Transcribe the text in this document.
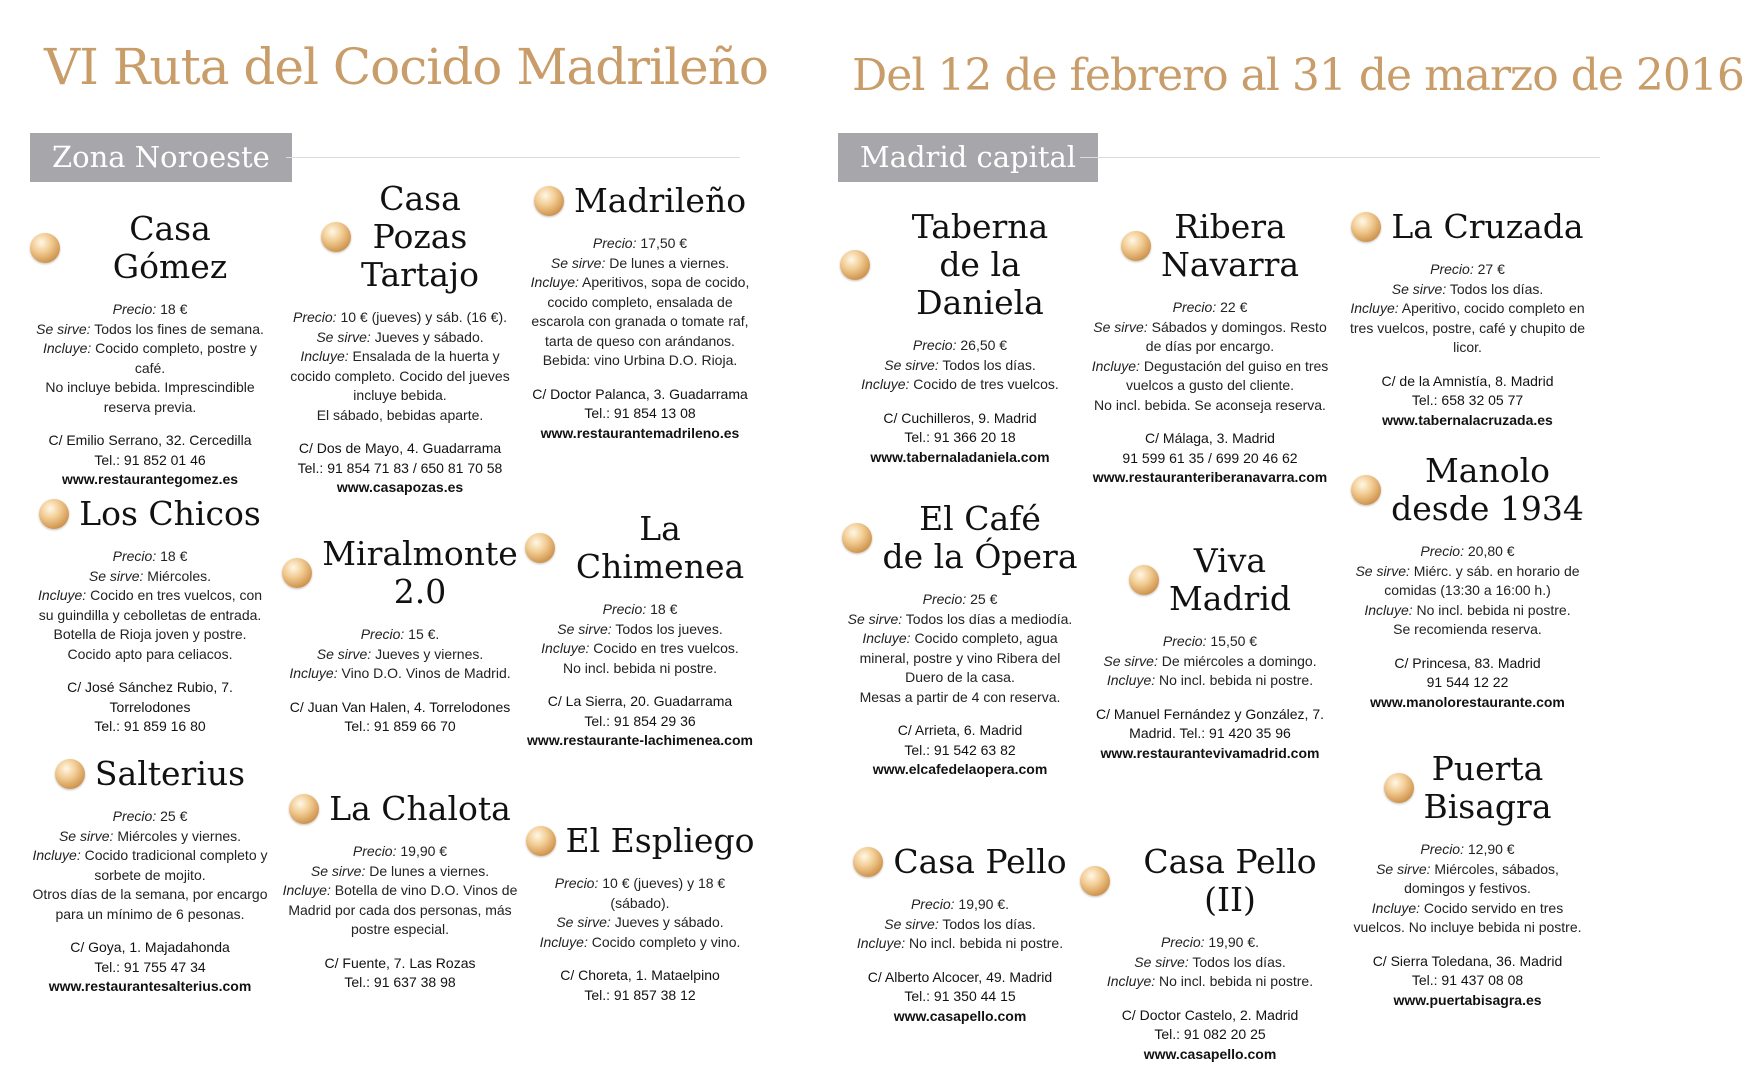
VI Ruta del Cocido Madrileño Del 12 de febrero al 31 de marzo de 2016
Zona Noroeste	Madrid capital
Casa Gómez
Precio: 18 €
Se sirve: Todos los fines de semana.
Incluye: Cocido completo, postre y café.
No incluye bebida. Imprescindible reserva previa.
C/ Emilio Serrano, 32. Cercedilla
Tel.: 91 852 01 46
www.restaurantegomez.es
Casa
Pozas
Tartajo
Precio: 10 € (jueves) y sáb. (16 €).
Se sirve: Jueves y sábado.
Incluye: Ensalada de la huerta y cocido completo. Cocido del jueves incluye bebida.
El sábado, bebidas aparte.
C/ Dos de Mayo, 4. Guadarrama
Tel.: 91 854 71 83 / 650 81 70 58
www.casapozas.es
Madrileño
Precio: 17,50 €
Se sirve: De lunes a viernes.
Incluye: Aperitivos, sopa de cocido, cocido completo, ensalada de escarola con granada o tomate raf, tarta de queso con arándanos.
Bebida: vino Urbina D.O. Rioja.
C/ Doctor Palanca, 3. Guadarrama
Tel.: 91 854 13 08
www.restaurantemadrileno.es
Los Chicos
Precio: 18 €
Se sirve: Miércoles.
Incluye: Cocido en tres vuelcos, con su guindilla y cebolletas de entrada.
Botella de Rioja joven y postre. Cocido apto para celiacos.
C/ José Sánchez Rubio, 7. Torrelodones
Tel.: 91 859 16 80
Miralmonte
2.0
Precio: 15 €.
Se sirve: Jueves y viernes.
Incluye: Vino D.O. Vinos de Madrid.
C/ Juan Van Halen, 4. Torrelodones
Tel.: 91 859 66 70
La Chimenea
Precio: 18 €
Se sirve: Todos los jueves.
Incluye: Cocido en tres vuelcos.
No incl. bebida ni postre.
C/ La Sierra, 20. Guadarrama
Tel.: 91 854 29 36
www.restaurante-lachimenea.com
Salterius
Precio: 25 €
Se sirve: Miércoles y viernes.
Incluye: Cocido tradicional completo y sorbete de mojito.
Otros días de la semana, por encargo para un mínimo de 6 pesonas.
C/ Goya, 1. Majadahonda
Tel.: 91 755 47 34
www.restaurantesalterius.com
La Chalota
Precio: 19,90 €
Se sirve: De lunes a viernes.
Incluye: Botella de vino D.O. Vinos de Madrid por cada dos personas, más postre especial.
C/ Fuente, 7. Las Rozas
Tel.: 91 637 38 98
El Espliego
Precio: 10 € (jueves) y 18 € (sábado).
Se sirve: Jueves y sábado.
Incluye: Cocido completo y vino.
C/ Choreta, 1. Mataelpino
Tel.: 91 857 38 12
Taberna
de la Daniela
Precio: 26,50 €
Se sirve: Todos los días.
Incluye: Cocido de tres vuelcos.
C/ Cuchilleros, 9. Madrid
Tel.: 91 366 20 18
www.tabernaladaniela.com
Ribera
Navarra
Precio: 22 €
Se sirve: Sábados y domingos. Resto de días por encargo.
Incluye: Degustación del guiso en tres vuelcos a gusto del cliente.
No incl. bebida. Se aconseja reserva.
C/ Málaga, 3. Madrid
91 599 61 35 / 699 20 46 62
www.restauranteriberanavarra.com
La Cruzada
Precio: 27 €
Se sirve: Todos los días.
Incluye: Aperitivo, cocido completo en tres vuelcos, postre, café y chupito de licor.
C/ de la Amnistía, 8. Madrid
Tel.: 658 32 05 77
www.tabernalacruzada.es
El Café
de la Ópera
Precio: 25 €
Se sirve: Todos los días a mediodía.
Incluye: Cocido completo, agua mineral, postre y vino Ribera del Duero de la casa.
Mesas a partir de 4 con reserva.
C/ Arrieta, 6. Madrid
Tel.: 91 542 63 82
www.elcafedelaopera.com
Viva
Madrid
Precio: 15,50 €
Se sirve: De miércoles a domingo.
Incluye: No incl. bebida ni postre.
C/ Manuel Fernández y González, 7. Madrid. Tel.: 91 420 35 96
www.restaurantevivamadrid.com
Manolo
desde 1934
Precio: 20,80 €
Se sirve: Miérc. y sáb. en horario de comidas (13:30 a 16:00 h.)
Incluye: No incl. bebida ni postre.
Se recomienda reserva.
C/ Princesa, 83. Madrid
91 544 12 22
www.manolorestaurante.com
Casa Pello
Precio: 19,90 €.
Se sirve: Todos los días.
Incluye: No incl. bebida ni postre.
C/ Alberto Alcocer, 49. Madrid
Tel.: 91 350 44 15
www.casapello.com
Casa Pello (II)
Precio: 19,90 €.
Se sirve: Todos los días.
Incluye: No incl. bebida ni postre.
C/ Doctor Castelo, 2. Madrid
Tel.: 91 082 20 25
www.casapello.com
Puerta
Bisagra
Precio: 12,90 €
Se sirve: Miércoles, sábados, domingos y festivos.
Incluye: Cocido servido en tres vuelcos. No incluye bebida ni postre.
C/ Sierra Toledana, 36. Madrid
Tel.: 91 437 08 08
www.puertabisagra.es
